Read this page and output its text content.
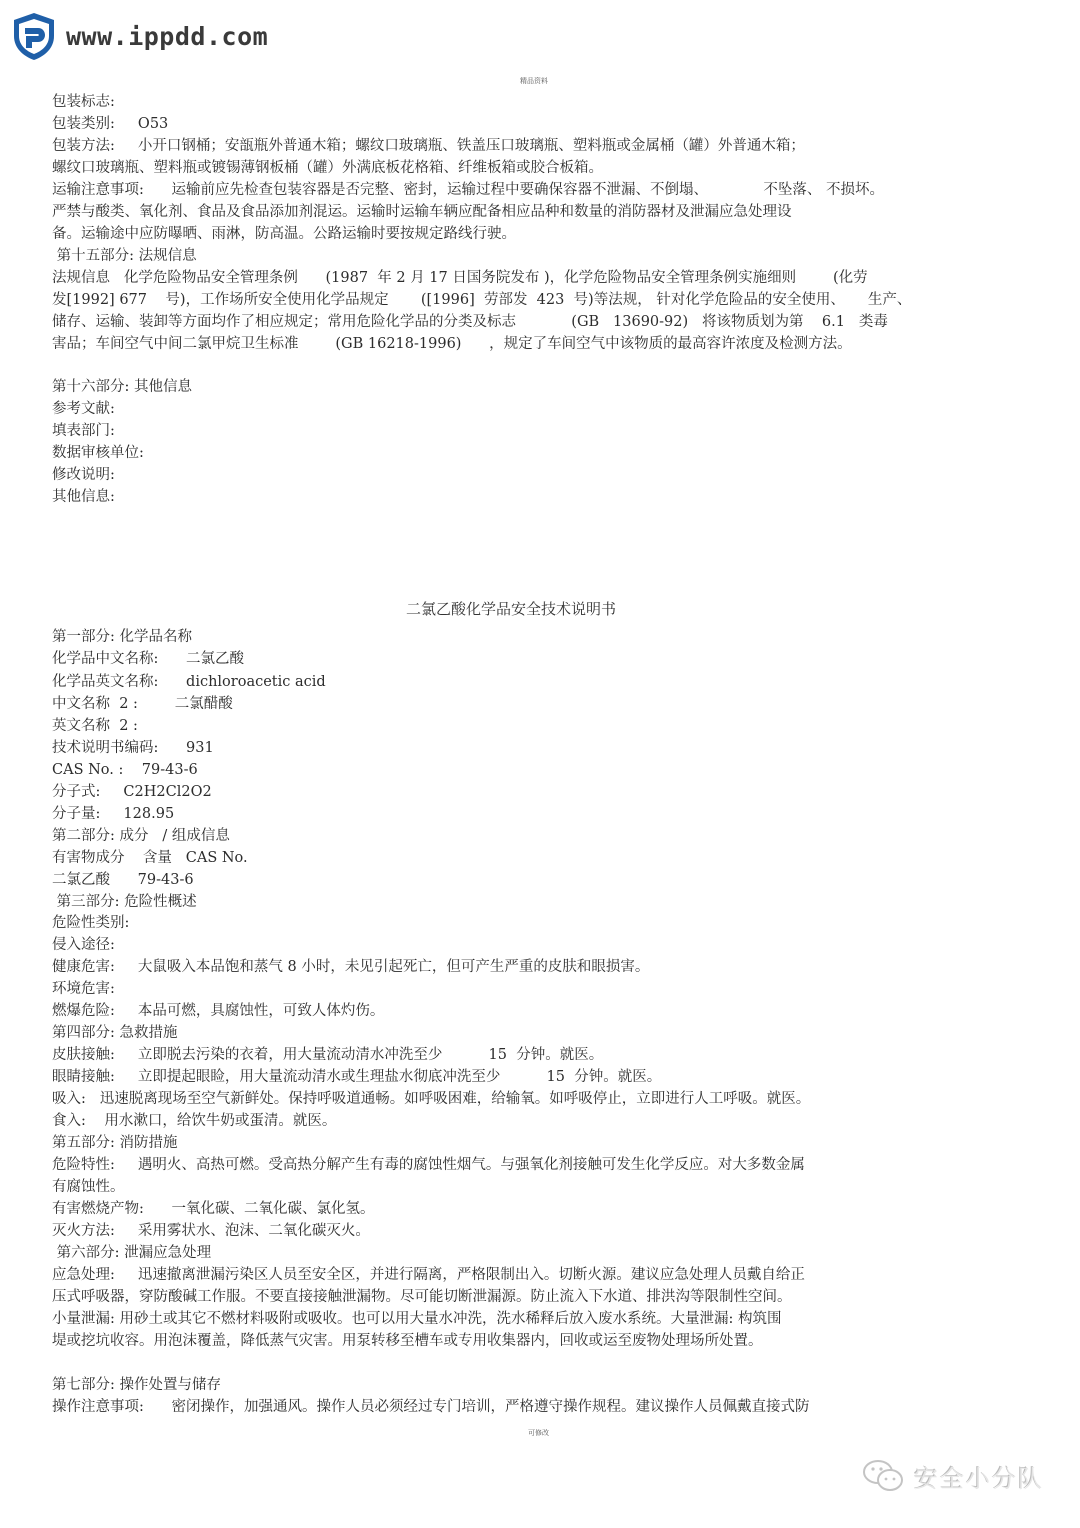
www.ippdd.com
精品资料
包装标志:
包装类别:     O53
包装方法:     小开口钢桶；安瓿瓶外普通木箱；螺纹口玻璃瓶、铁盖压口玻璃瓶、塑料瓶或金属桶（罐）外普通木箱；
螺纹口玻璃瓶、塑料瓶或镀锡薄钢板桶（罐）外满底板花格箱、纤维板箱或胶合板箱。
运输注意事项:      运输前应先检查包装容器是否完整、密封，运输过程中要确保容器不泄漏、不倒塌、            不坠落、 不损坏。
严禁与酸类、氧化剂、食品及食品添加剂混运。运输时运输车辆应配备相应品种和数量的消防器材及泄漏应急处理设
备。运输途中应防曝晒、雨淋，防高温。公路运输时要按规定路线行驶。
第十五部分: 法规信息
法规信息   化学危险物品安全管理条例      (1987  年 2 月 17 日国务院发布 )，化学危险物品安全管理条例实施细则        (化劳
发[1992] 677    号)，工作场所安全使用化学品规定       ([1996]  劳部发  423  号)等法规， 针对化学危险品的安全使用、     生产、
储存、运输、装卸等方面均作了相应规定；常用危险化学品的分类及标志            (GB   13690-92)   将该物质划为第    6.1   类毒
害品；车间空气中间二氯甲烷卫生标准        (GB 16218-1996)      ，规定了车间空气中该物质的最高容许浓度及检测方法。
第十六部分: 其他信息
参考文献:
填表部门:
数据审核单位:
修改说明:
其他信息:
二氯乙酸化学品安全技术说明书
第一部分: 化学品名称
化学品中文名称:      二氯乙酸
化学品英文名称:      dichloroacetic acid
中文名称  2 :        二氯醋酸
英文名称  2 :
技术说明书编码:      931
CAS No. :    79-43-6
分子式:     C2H2Cl2O2
分子量:     128.95
第二部分: 成分   / 组成信息
有害物成分    含量   CAS No.
二氯乙酸      79-43-6
第三部分: 危险性概述
危险性类别:
侵入途径:
健康危害:     大鼠吸入本品饱和蒸气 8 小时，未见引起死亡，但可产生严重的皮肤和眼损害。
环境危害:
燃爆危险:     本品可燃，具腐蚀性，可致人体灼伤。
第四部分: 急救措施
皮肤接触:     立即脱去污染的衣着，用大量流动清水冲洗至少          15  分钟。就医。
眼睛接触:     立即提起眼睑，用大量流动清水或生理盐水彻底冲洗至少          15  分钟。就医。
吸入:   迅速脱离现场至空气新鲜处。保持呼吸道通畅。如呼吸困难，给输氧。如呼吸停止，立即进行人工呼吸。就医。
食入:    用水漱口，给饮牛奶或蛋清。就医。
第五部分: 消防措施
危险特性:     遇明火、高热可燃。受高热分解产生有毒的腐蚀性烟气。与强氧化剂接触可发生化学反应。对大多数金属
有腐蚀性。
有害燃烧产物:      一氧化碳、二氧化碳、氯化氢。
灭火方法:     采用雾状水、泡沫、二氧化碳灭火。
第六部分: 泄漏应急处理
应急处理:     迅速撤离泄漏污染区人员至安全区，并进行隔离，严格限制出入。切断火源。建议应急处理人员戴自给正
压式呼吸器，穿防酸碱工作服。不要直接接触泄漏物。尽可能切断泄漏源。防止流入下水道、排洪沟等限制性空间。
小量泄漏: 用砂土或其它不燃材料吸附或吸收。也可以用大量水冲洗，洗水稀释后放入废水系统。大量泄漏: 构筑围
堤或挖坑收容。用泡沫覆盖，降低蒸气灾害。用泵转移至槽车或专用收集器内，回收或运至废物处理场所处置。
第七部分: 操作处置与储存
操作注意事项:      密闭操作，加强通风。操作人员必须经过专门培训，严格遵守操作规程。建议操作人员佩戴直接式防
可修改
安全小分队
